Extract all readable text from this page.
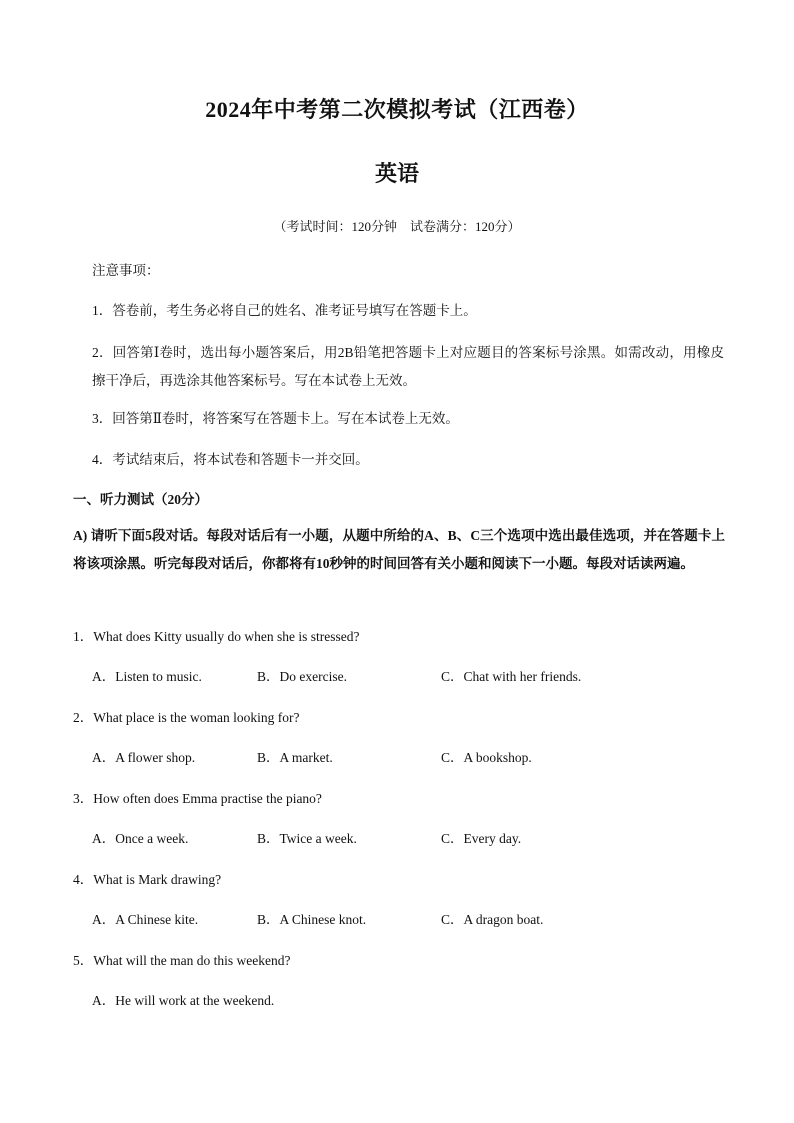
2024年中考第二次模拟考试（江西卷）
英语
（考试时间：120分钟　试卷满分：120分）
注意事项：
1．答卷前，考生务必将自己的姓名、准考证号填写在答题卡上。
2．回答第Ⅰ卷时，选出每小题答案后，用2B铅笔把答题卡上对应题目的答案标号涂黑。如需改动，用橡皮擦干净后，再选涂其他答案标号。写在本试卷上无效。
3．回答第Ⅱ卷时，将答案写在答题卡上。写在本试卷上无效。
4．考试结束后，将本试卷和答题卡一并交回。
一、听力测试（20分）
A) 请听下面5段对话。每段对话后有一小题，从题中所给的A、B、C三个选项中选出最佳选项，并在答题卡上将该项涂黑。听完每段对话后，你都将有10秒钟的时间回答有关小题和阅读下一小题。每段对话读两遍。
1．What does Kitty usually do when she is stressed?
A．Listen to music.	B．Do exercise.	C．Chat with her friends.
2．What place is the woman looking for?
A．A flower shop.	B．A market.	C．A bookshop.
3．How often does Emma practise the piano?
A．Once a week.	B．Twice a week.	C．Every day.
4．What is Mark drawing?
A．A Chinese kite.	B．A Chinese knot.	C．A dragon boat.
5．What will the man do this weekend?
A．He will work at the weekend.
